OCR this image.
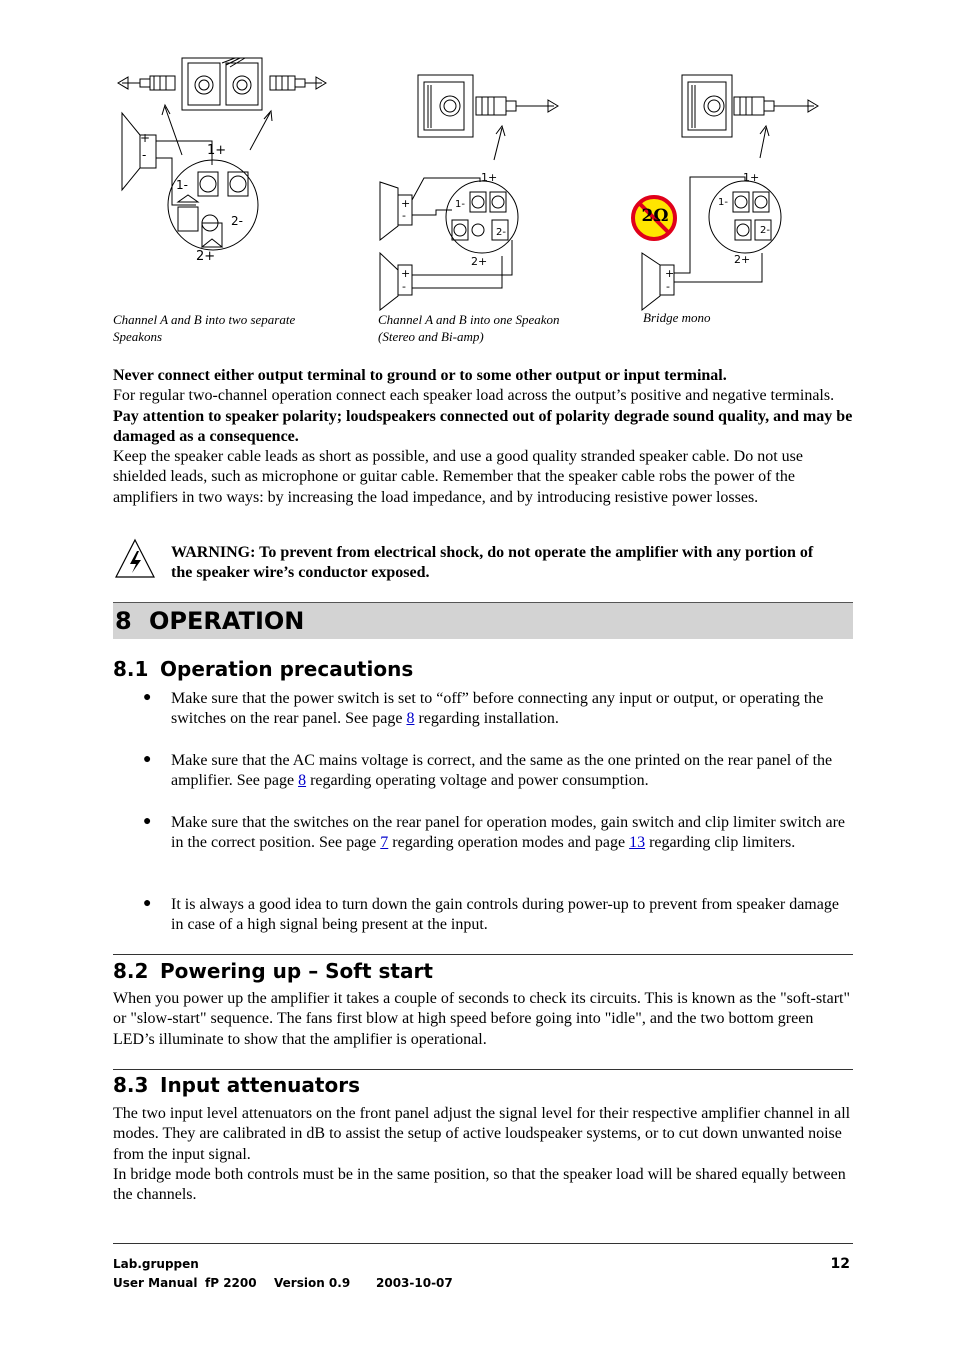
+
-	1+
1-
2-
2+
1+
1-
2-
2+
2Ω
+
-
1+
1-
2-
2+
+
-
+
-
Channel A and B into two separate Speakons
Channel A and B into one Speakon (Stereo and Bi-amp)
Bridge mono
Never connect either output terminal to ground or to some other output or input terminal.
For regular two-channel operation connect each speaker load across the output’s positive and negative terminals. Pay attention to speaker polarity; loudspeakers connected out of polarity degrade sound quality, and may be damaged as a consequence.
Keep the speaker cable leads as short as possible, and use a good quality stranded speaker cable. Do not use shielded leads, such as microphone or guitar cable. Remember that the speaker cable robs the power of the amplifiers in two ways: by increasing the load impedance, and by introducing resistive power losses.
WARNING: To prevent from electrical shock, do not operate the amplifier with any portion of the speaker wire’s conductor exposed.
8 OPERATION
8.1 Operation precautions
● Make sure that the power switch is set to “off” before connecting any input or output, or operating the switches on the rear panel. See page 8 regarding installation.
● Make sure that the AC mains voltage is correct, and the same as the one printed on the rear panel of the amplifier. See page 8 regarding operating voltage and power consumption.
● Make sure that the switches on the rear panel for operation modes, gain switch and clip limiter switch are in the correct position. See page 7 regarding operation modes and page 13 regarding clip limiters.
● It is always a good idea to turn down the gain controls during power-up to prevent from speaker damage in case of a high signal being present at the input.
8.2 Powering up – Soft start
When you power up the amplifier it takes a couple of seconds to check its circuits. This is known as the "soft-start" or "slow-start" sequence. The fans first blow at high speed before going into "idle", and the two bottom green LED’s illuminate to show that the amplifier is operational.
8.3 Input attenuators
The two input level attenuators on the front panel adjust the signal level for their respective amplifier channel in all modes. They are calibrated in dB to assist the setup of active loudspeaker systems, or to cut down unwanted noise from the input signal.
In bridge mode both controls must be in the same position, so that the speaker load will be shared equally between the channels.
Lab.gruppen
User Manual fP 2200 Version 0.9 2003-10-07
12
